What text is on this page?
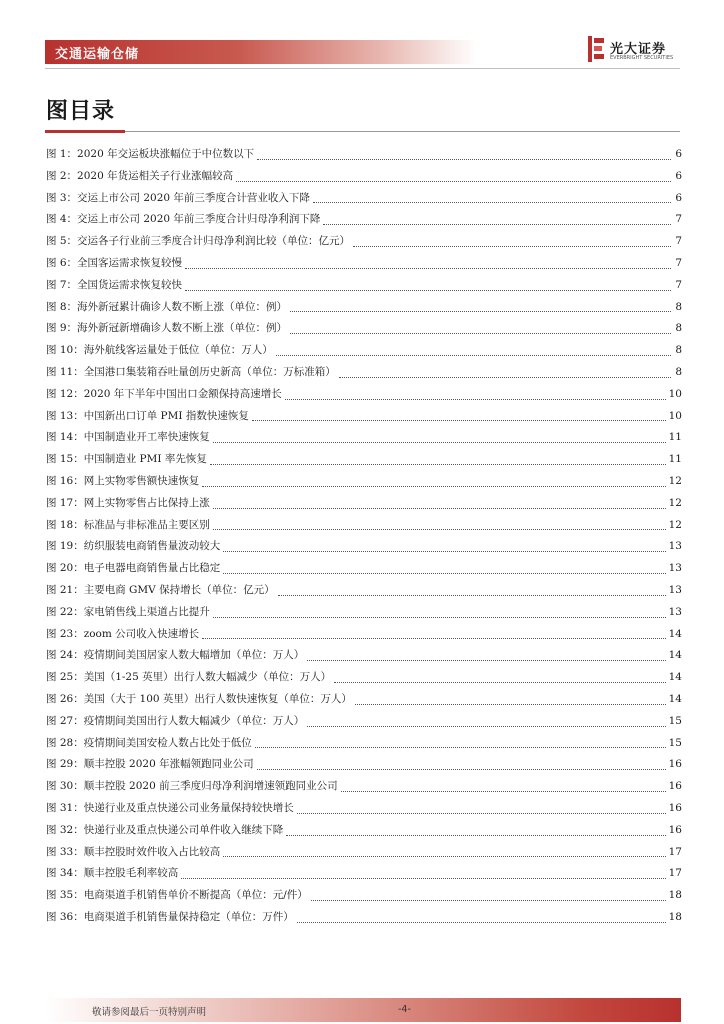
交通运输仓储	光大证券
EVERBRIGHT SECURITIES
图目录
图 1： 2020 年交运板块涨幅位于中位数以下	6
图 2： 2020 年货运相关子行业涨幅较高	6
图 3： 交运上市公司 2020 年前三季度合计营业收入下降	6
图 4： 交运上市公司 2020 年前三季度合计归母净利润下降	7
图 5： 交运各子行业前三季度合计归母净利润比较（单位：亿元）	7
图 6： 全国客运需求恢复较慢	7
图 7： 全国货运需求恢复较快	7
图 8： 海外新冠累计确诊人数不断上涨（单位：例）	8
图 9： 海外新冠新增确诊人数不断上涨（单位：例）	8
图 10： 海外航线客运量处于低位（单位：万人）	8
图 11： 全国港口集装箱吞吐量创历史新高（单位：万标准箱）	8
图 12： 2020 年下半年中国出口金额保持高速增长	10
图 13： 中国新出口订单 PMI 指数快速恢复	10
图 14： 中国制造业开工率快速恢复	11
图 15： 中国制造业 PMI 率先恢复	11
图 16： 网上实物零售额快速恢复	12
图 17： 网上实物零售占比保持上涨	12
图 18： 标准品与非标准品主要区别	12
图 19： 纺织服装电商销售量波动较大	13
图 20： 电子电器电商销售量占比稳定	13
图 21： 主要电商 GMV 保持增长（单位：亿元）	13
图 22： 家电销售线上渠道占比提升	13
图 23： zoom 公司收入快速增长	14
图 24： 疫情期间美国居家人数大幅增加（单位：万人）	14
图 25： 美国（1-25 英里）出行人数大幅减少（单位：万人）	14
图 26： 美国（大于 100 英里）出行人数快速恢复（单位：万人）	14
图 27： 疫情期间美国出行人数大幅减少（单位：万人）	15
图 28： 疫情期间美国安检人数占比处于低位	15
图 29： 顺丰控股 2020 年涨幅领跑同业公司	16
图 30： 顺丰控股 2020 前三季度归母净利润增速领跑同业公司	16
图 31： 快递行业及重点快递公司业务量保持较快增长	16
图 32： 快递行业及重点快递公司单件收入继续下降	16
图 33： 顺丰控股时效件收入占比较高	17
图 34： 顺丰控股毛利率较高	17
图 35： 电商渠道手机销售单价不断提高（单位：元/件）	18
图 36： 电商渠道手机销售量保持稳定（单位：万件）	18
敬请参阅最后一页特别声明	-4-
